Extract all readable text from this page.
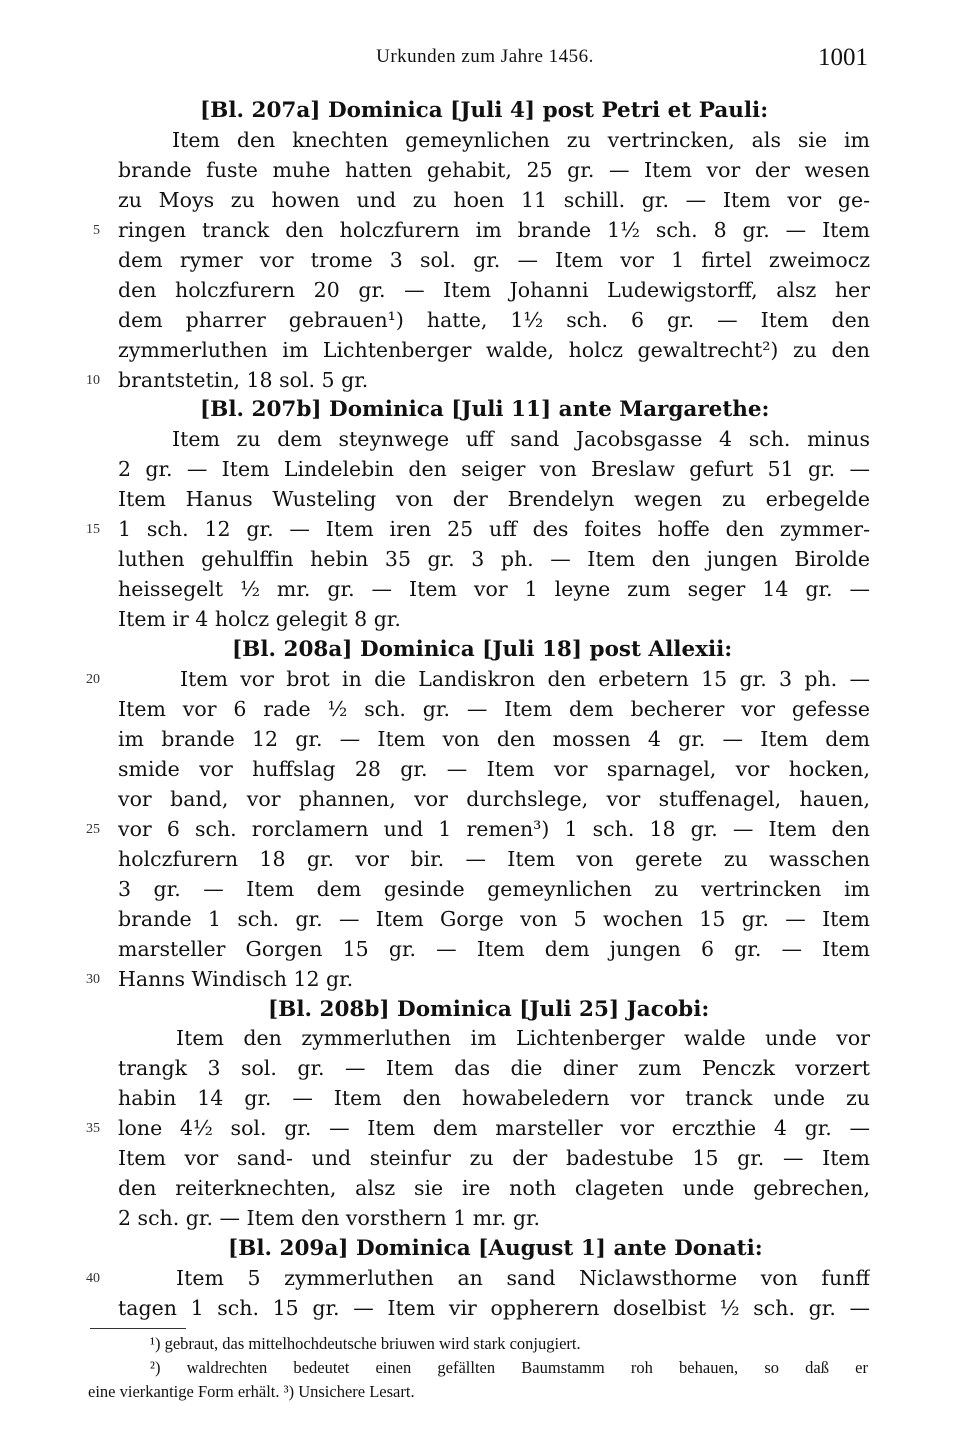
Urkunden zum Jahre 1456.	1001
[Bl. 207a] Dominica [Juli 4] post Petri et Pauli:
Item den knechten gemeynlichen zu vertrincken, als sie im
brande fuste muhe hatten gehabit, 25 gr. — Item vor der wesen
zu Moys zu howen und zu hoen 11 schill. gr. — Item vor ge-
ringen tranck den holczfurern im brande 1½ sch. 8 gr. — Item
dem rymer vor trome 3 sol. gr. — Item vor 1 firtel zweimocz
den holczfurern 20 gr. — Item Johanni Ludewigstorff, alsz her
dem pharrer gebrauen¹) hatte, 1½ sch. 6 gr. — Item den
zymmerluthen im Lichtenberger walde, holcz gewaltrecht²) zu den
brantstetin, 18 sol. 5 gr.
[Bl. 207b] Dominica [Juli 11] ante Margarethe:
Item zu dem steynwege uff sand Jacobsgasse 4 sch. minus
2 gr. — Item Lindelebin den seiger von Breslaw gefurt 51 gr. —
Item Hanus Wusteling von der Brendelyn wegen zu erbegelde
1 sch. 12 gr. — Item iren 25 uff des foites hoffe den zymmer-
luthen gehulffin hebin 35 gr. 3 ph. — Item den jungen Birolde
heissegelt ½ mr. gr. — Item vor 1 leyne zum seger 14 gr. —
Item ir 4 holcz gelegit 8 gr.
[Bl. 208a] Dominica [Juli 18] post Allexii:
Item vor brot in die Landiskron den erbetern 15 gr. 3 ph. —
Item vor 6 rade ½ sch. gr. — Item dem becherer vor gefesse
im brande 12 gr. — Item von den mossen 4 gr. — Item dem
smide vor huffslag 28 gr. — Item vor sparnagel, vor hocken,
vor band, vor phannen, vor durchslege, vor stuffenagel, hauen,
vor 6 sch. rorclamern und 1 remen³) 1 sch. 18 gr. — Item den
holczfurern 18 gr. vor bir. — Item von gerete zu wasschen
3 gr. — Item dem gesinde gemeynlichen zu vertrincken im
brande 1 sch. gr. — Item Gorge von 5 wochen 15 gr. — Item
marsteller Gorgen 15 gr. — Item dem jungen 6 gr. — Item
Hanns Windisch 12 gr.
[Bl. 208b] Dominica [Juli 25] Jacobi:
Item den zymmerluthen im Lichtenberger walde unde vor
trangk 3 sol. gr. — Item das die diner zum Penczk vorzert
habin 14 gr. — Item den howabeledern vor tranck unde zu
lone 4½ sol. gr. — Item dem marsteller vor erczthie 4 gr. —
Item vor sand- und steinfur zu der badestube 15 gr. — Item
den reiterknechten, alsz sie ire noth clageten unde gebrechen,
2 sch. gr. — Item den vorsthern 1 mr. gr.
[Bl. 209a] Dominica [August 1] ante Donati:
Item 5 zymmerluthen an sand Niclawsthorme von funff
tagen 1 sch. 15 gr. — Item vir oppherern doselbist ½ sch. gr. —
5
10
15
20
25
30
35
40
¹) gebraut, das mittelhochdeutsche briuwen wird stark conjugiert.
²) waldrechten bedeutet einen gefällten Baumstamm roh behauen, so daß er
eine vierkantige Form erhält. ³) Unsichere Lesart.
